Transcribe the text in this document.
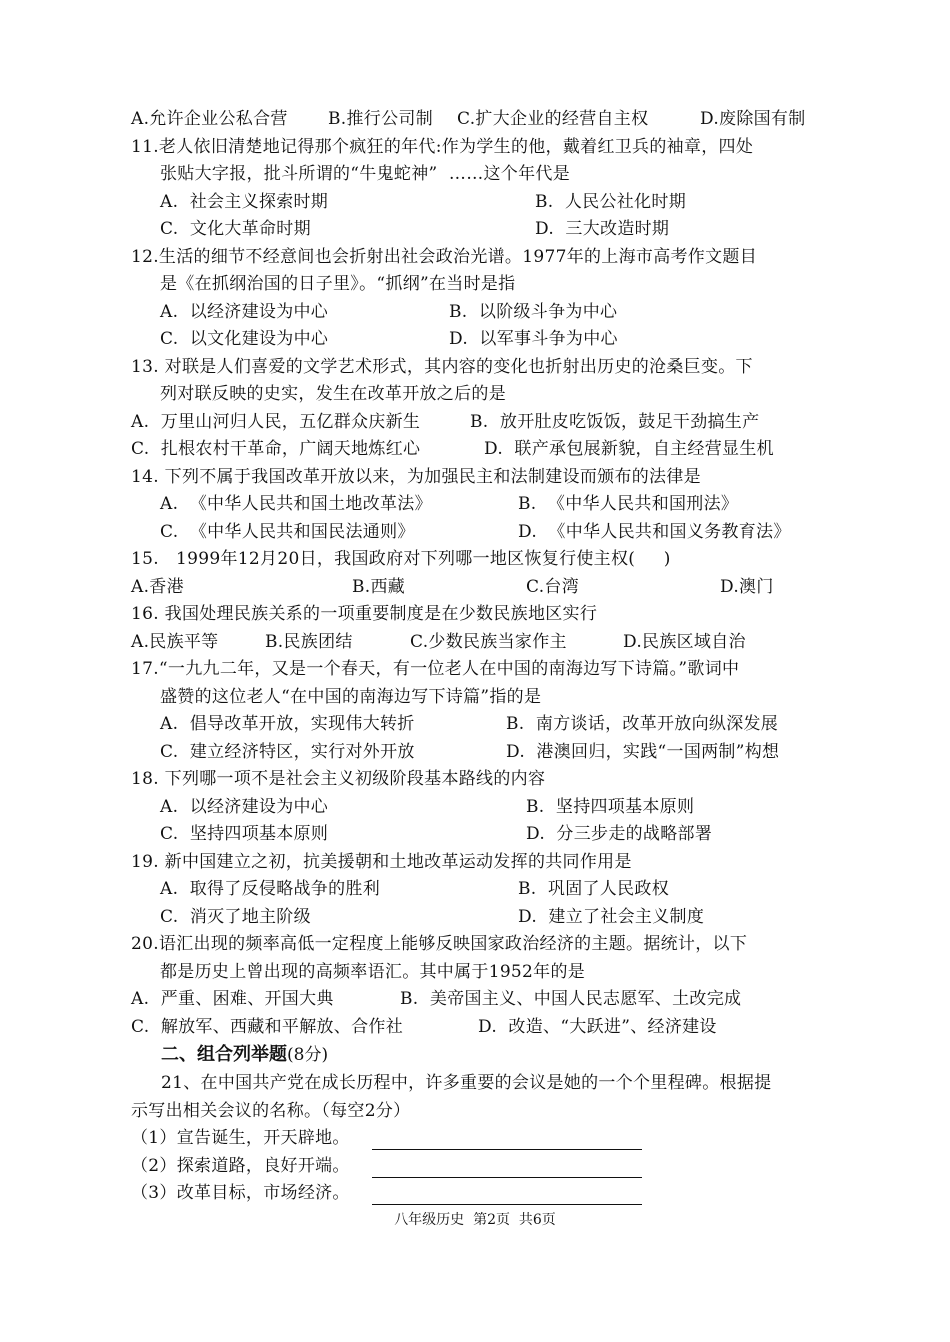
A.允许企业公私合营 B.推行公司制 C.扩大企业的经营自主权	D.废除国有制
11.老人依旧清楚地记得那个疯狂的年代:作为学生的他，戴着红卫兵的袖章，四处
张贴大字报，批斗所谓的“牛鬼蛇神”  ……这个年代是
A.  社会主义探索时期	B.  人民公社化时期
C.  文化大革命时期	D.  三大改造时期
12.生活的细节不经意间也会折射出社会政治光谱。1977年的上海市高考作文题目
是《在抓纲治国的日子里》。“抓纲”在当时是指
A.  以经济建设为中心	B.  以阶级斗争为中心
C.  以文化建设为中心	D.  以军事斗争为中心
13. 对联是人们喜爱的文学艺术形式，其内容的变化也折射出历史的沧桑巨变。下
列对联反映的史实，发生在改革开放之后的是
A.  万里山河归人民，五亿群众庆新生	B.  放开肚皮吃饭饭，鼓足干劲搞生产
C.  扎根农村干革命，广阔天地炼红心	D.  联产承包展新貌，自主经营显生机
14. 下列不属于我国改革开放以来，为加强民主和法制建设而颁布的法律是
A.  《中华人民共和国土地改革法》	B.  《中华人民共和国刑法》
C.  《中华人民共和国民法通则》	D.  《中华人民共和国义务教育法》
15.   1999年12月20日，我国政府对下列哪一地区恢复行使主权(     )
A.香港	B.西藏	C.台湾	D.澳门
16. 我国处理民族关系的一项重要制度是在少数民族地区实行
A.民族平等	B.民族团结	C.少数民族当家作主	D.民族区域自治
17.“一九九二年，又是一个春天，有一位老人在中国的南海边写下诗篇。”歌词中
盛赞的这位老人“在中国的南海边写下诗篇”指的是
A.  倡导改革开放，实现伟大转折	B.  南方谈话，改革开放向纵深发展
C.  建立经济特区，实行对外开放	D.  港澳回归，实践“一国两制”构想
18. 下列哪一项不是社会主义初级阶段基本路线的内容
A.  以经济建设为中心	B.  坚持四项基本原则
C.  坚持四项基本原则	D.  分三步走的战略部署
19. 新中国建立之初，抗美援朝和土地改革运动发挥的共同作用是
A.  取得了反侵略战争的胜利	B.  巩固了人民政权
C.  消灭了地主阶级	D.  建立了社会主义制度
20.语汇出现的频率高低一定程度上能够反映国家政治经济的主题。据统计，以下
都是历史上曾出现的高频率语汇。其中属于1952年的是
A.  严重、困难、开国大典	B.  美帝国主义、中国人民志愿军、土改完成
C.  解放军、西藏和平解放、合作社	D.  改造、“大跃进”、经济建设
二、组合列举题(8分)
21、在中国共产党在成长历程中，许多重要的会议是她的一个个里程碑。根据提
示写出相关会议的名称。（每空2分）
（1）宣告诞生，开天辟地。
（2）探索道路，良好开端。
（3）改革目标，市场经济。
八年级历史  第2页  共6页
